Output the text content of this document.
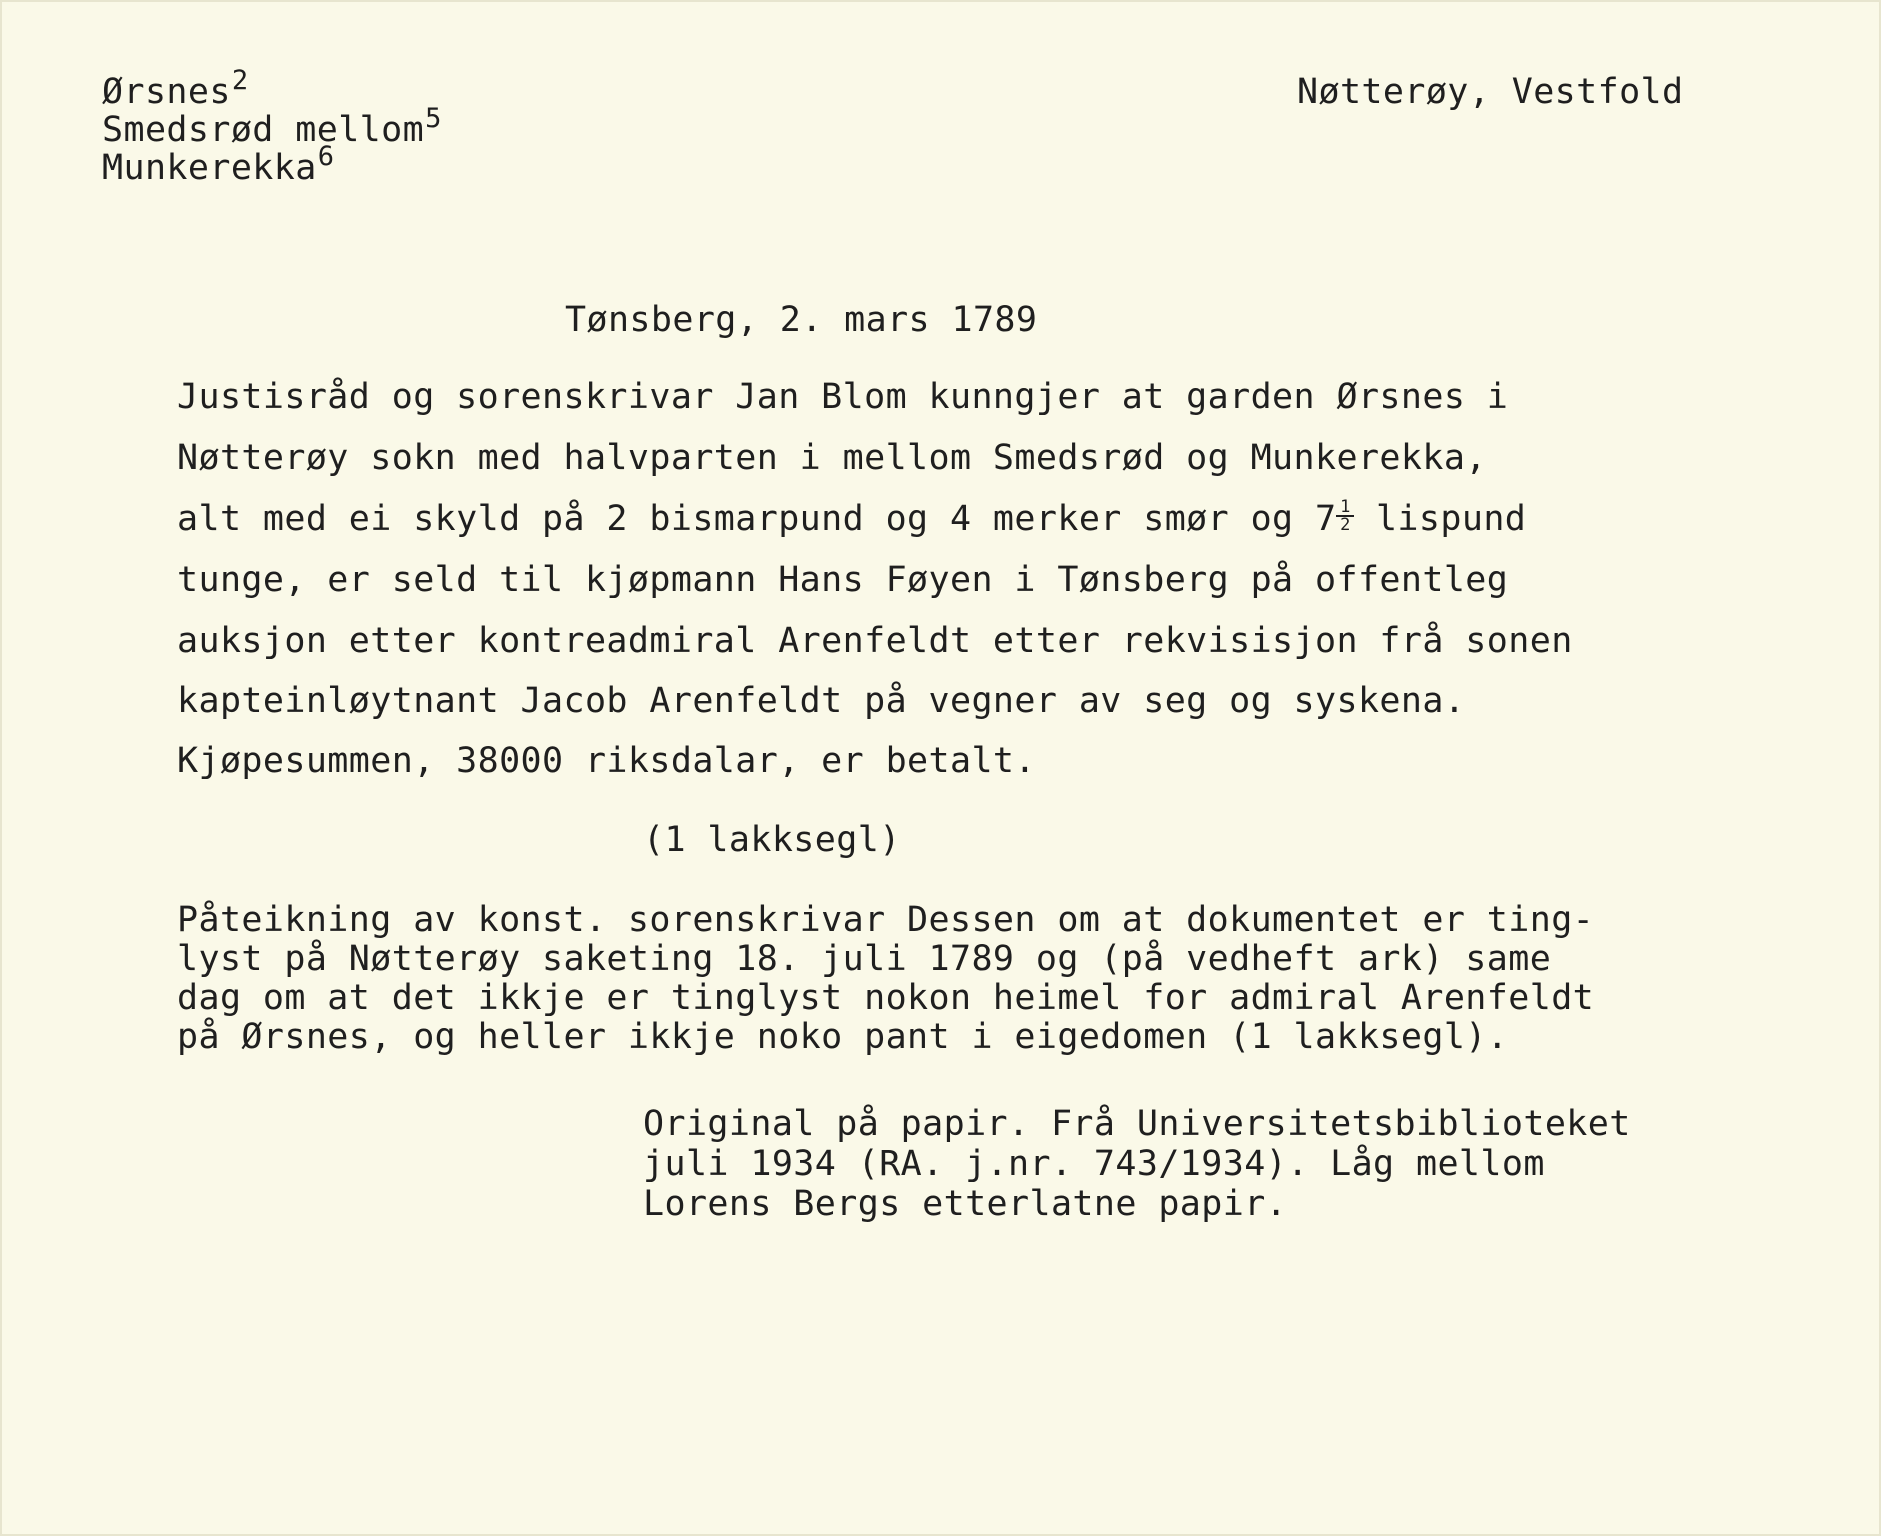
Ørsnes$^2$
Smedsrød mellom$^5$
Munkerekka$^6$
Nøtterøy, Vestfold
Tønsberg, 2. mars 1789
Justisråd og sorenskrivar Jan Blom kunngjer at garden Ørsnes i
Nøtterøy sokn med halvparten i mellom Smedsrød og Munkerekka,
alt med ei skyld på 2 bismarpund og 4 merker smør og $7 \frac{1}{2}$ lispund
tunge, er seld til kjøpmann Hans Føyen i Tønsberg på offentleg
auksjon etter kontreadmiral Arenfeldt etter rekvisisjon frå sonen
kapteinløytnant Jacob Arenfeldt på vegner av seg og syskena.
Kjøpesummen, 38000 riksdalar, er betalt.
(1 lakksegl)
Påteikning av konst. sorenskrivar Dessen om at dokumentet er ting-
lyst på Nøtterøy saketing 18. juli 1789 og (på vedheft ark) same
dag om at det ikkje er tinglyst nokon heimel for admiral Arenfeldt
på Ørsnes, og heller ikkje noko pant i eigedomen (1 lakksegl).
Original på papir. Frå Universitetsbiblioteket
juli 1934 (RA. j.nr. 743/1934). Låg mellom
Lorens Bergs etterlatne papir.
